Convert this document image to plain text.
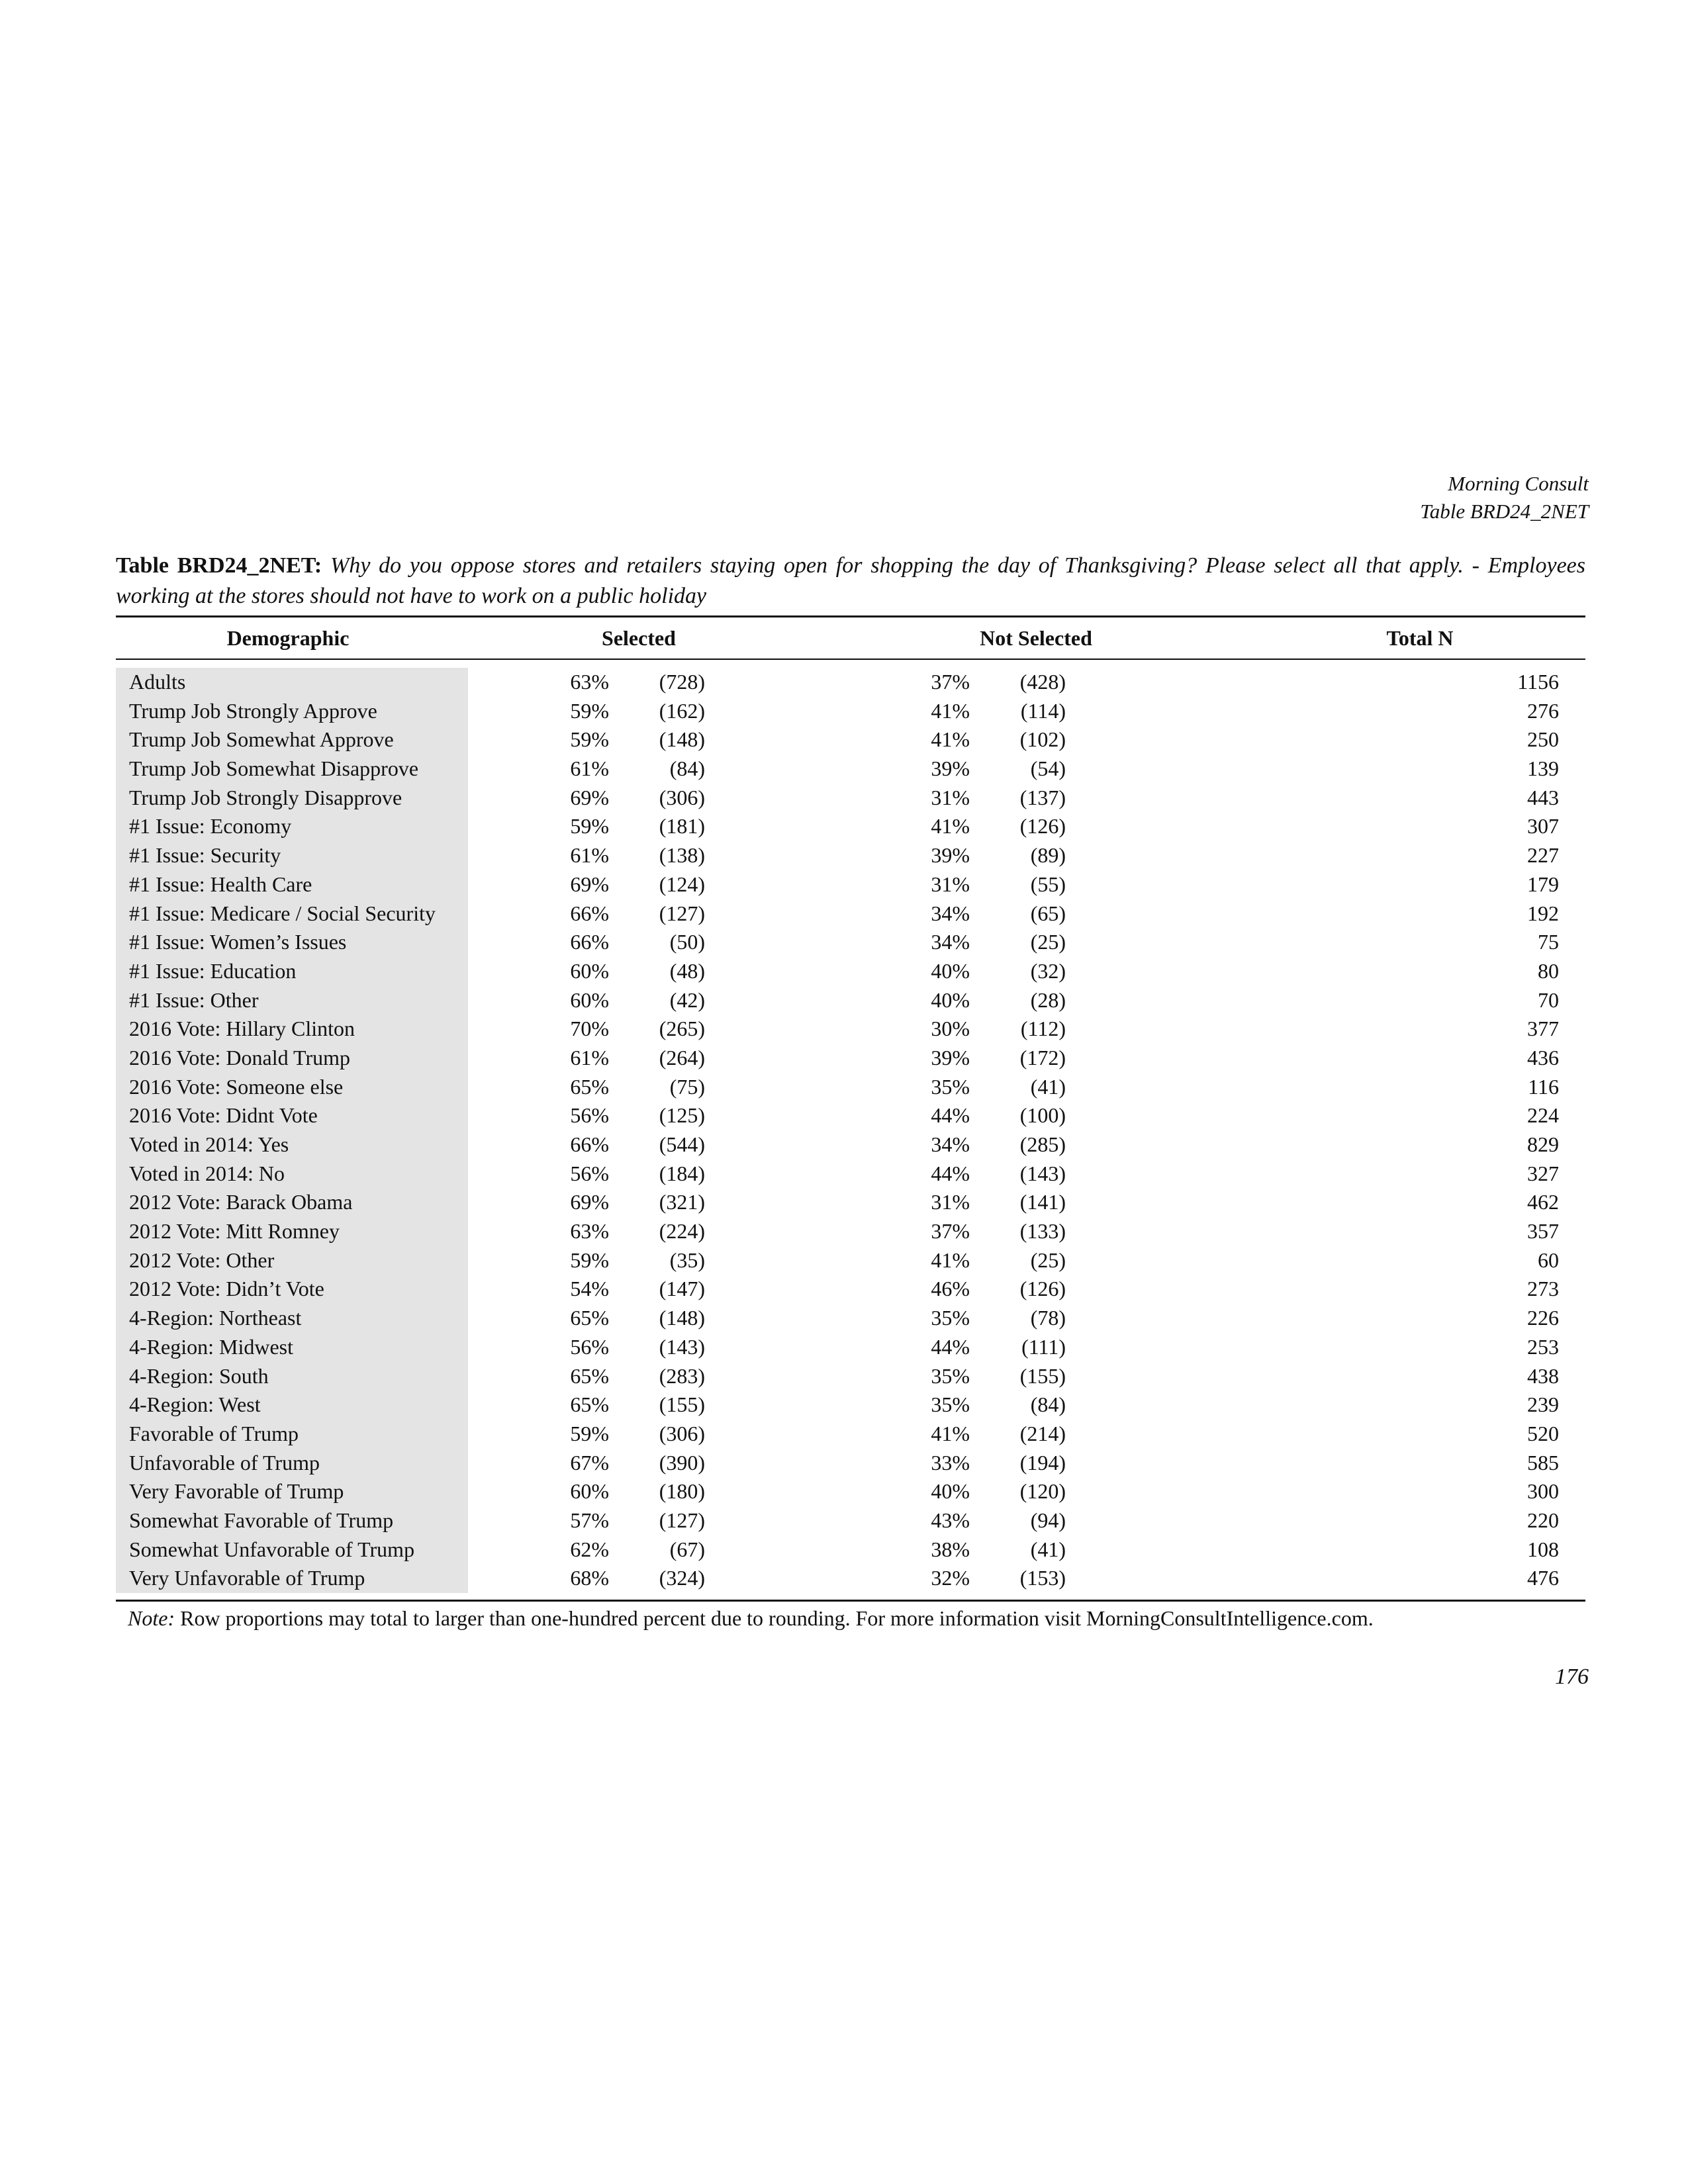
Morning Consult
Table BRD24_2NET
Table BRD24_2NET: Why do you oppose stores and retailers staying open for shopping the day of Thanksgiving? Please select all that apply. - Employees working at the stores should not have to work on a public holiday
Demographic	Selected	Not Selected	Total N
Adults	63% (728)	37% (428)	1156
Trump Job Strongly Approve	59% (162)	41% (114)	276
Trump Job Somewhat Approve	59% (148)	41% (102)	250
Trump Job Somewhat Disapprove	61%	(84)	39%	(54)	139
Trump Job Strongly Disapprove	69% (306)	31% (137)	443
#1 Issue: Economy	59% (181)	41% (126)	307
#1 Issue: Security	61% (138)	39%	(89)	227
#1 Issue: Health Care	69% (124)	31%	(55)	179
#1 Issue: Medicare / Social Security	66% (127)	34%	(65)	192
#1 Issue: Women’s Issues	66%	(50)	34%	(25)	75
#1 Issue: Education	60%	(48)	40%	(32)	80
#1 Issue: Other	60%	(42)	40%	(28)	70
2016 Vote: Hillary Clinton	70% (265)	30% (112)	377
2016 Vote: Donald Trump	61% (264)	39% (172)	436
2016 Vote: Someone else	65%	(75)	35%	(41)	116
2016 Vote: Didnt Vote	56% (125)	44% (100)	224
Voted in 2014: Yes	66% (544)	34% (285)	829
Voted in 2014: No	56% (184)	44% (143)	327
2012 Vote: Barack Obama	69% (321)	31% (141)	462
2012 Vote: Mitt Romney	63% (224)	37% (133)	357
2012 Vote: Other	59%	(35)	41%	(25)	60
2012 Vote: Didn’t Vote	54% (147)	46% (126)	273
4-Region: Northeast	65% (148)	35%	(78)	226
4-Region: Midwest	56% (143)	44% (111)	253
4-Region: South	65% (283)	35% (155)	438
4-Region: West	65% (155)	35%	(84)	239
Favorable of Trump	59% (306)	41% (214)	520
Unfavorable of Trump	67% (390)	33% (194)	585
Very Favorable of Trump	60% (180)	40% (120)	300
Somewhat Favorable of Trump	57% (127)	43%	(94)	220
Somewhat Unfavorable of Trump	62%	(67)	38%	(41)	108
Very Unfavorable of Trump	68% (324)	32% (153)	476
Note: Row proportions may total to larger than one-hundred percent due to rounding. For more information visit MorningConsultIntelligence.com.
176
